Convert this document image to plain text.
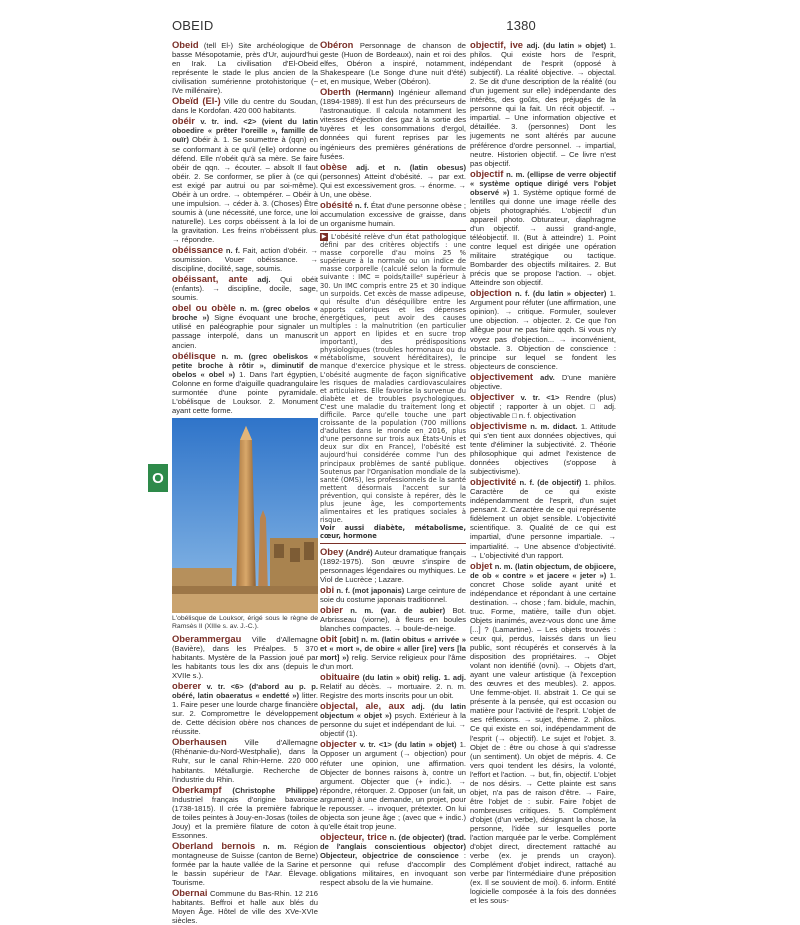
OBEID	1380
O
Obeid (tell El-) Site archéologique de basse Mésopotamie, près d'Ur, aujourd'hui en Irak. La civilisation d'El-Obeid représente le stade le plus ancien de la civilisation sumérienne protohistorique (~ IVe millénaire).
Obeïd (El-) Ville du centre du Soudan, dans le Kordofan. 420 000 habitants.
obéir v. tr. ind. <2> (vient du latin oboedire « prêter l'oreille », famille de ouïr) Obéir à. 1. Se soumettre à (qqn) en se conformant à ce qu'il (elle) ordonne ou défend. Elle n'obéit qu'à sa mère. Se faire obéir de qqn. → écouter. – absolt Il faut obéir. 2. Se conformer, se plier à (ce qui est exigé par autrui ou par soi-même). Obéir à un ordre. → obtempérer. – Obéir à une impulsion. → céder à. 3. (Choses) Être soumis à (une nécessité, une force, une loi naturelle). Les corps obéissent à la loi de la gravitation. Les freins n'obéissent plus. → répondre.
obéissance n. f. Fait, action d'obéir. → soumission. Vouer obéissance. → discipline, docilité, sage, soumis.
obéissant, ante adj. Qui obéit (enfants). → discipline, docile, sage, soumis.
obel ou obèle n. m. (grec obelos « broche ») Signe évoquant une broche, utilisé en paléographie pour signaler un passage interpolé, dans un manuscrit ancien.
obélisque n. m. (grec obeliskos « petite broche à rôtir », diminutif de obelos « obel ») 1. Dans l'art égyptien, Colonne en forme d'aiguille quadrangulaire surmontée d'une pointe pyramidale. L'obélisque de Louksor. 2. Monument ayant cette forme.
L'obélisque de Louksor, érigé sous le règne de Ramsès II (XIIIe s. av. J.-C.).
Oberammergau Ville d'Allemagne (Bavière), dans les Préalpes. 5 370 habitants. Mystère de la Passion joué par les habitants tous les dix ans (depuis le XVIIe s.).
oberer v. tr. <6> (d'abord au p. p. obéré, latin obaeratus « endetté ») litter. 1. Faire peser une lourde charge financière sur. 2. Compromettre le développement de. Cette décision obère nos chances de réussite.
Oberhausen Ville d'Allemagne (Rhénanie-du-Nord-Westphalie), dans la Ruhr, sur le canal Rhin-Herne. 220 000 habitants. Métallurgie. Recherche de l'industrie du Rhin.
Oberkampf (Christophe Philippe) Industriel français d'origine bavaroise (1738-1815). Il crée la première fabrique de toiles peintes à Jouy-en-Josas (toiles de Jouy) et la première filature de coton à Essonnes.
Oberland bernois n. m. Région montagneuse de Suisse (canton de Berne) formée par la haute vallée de la Sarine et le bassin supérieur de l'Aar. Élevage. Tourisme.
Obernai Commune du Bas-Rhin. 12 216 habitants. Beffroi et halle aux blés du Moyen Âge. Hôtel de ville des XVe-XVIe siècles.
Obéron Personnage de chanson de geste (Huon de Bordeaux), nain et roi des elfes, Obéron a inspiré, notamment, Shakespeare (Le Songe d'une nuit d'été) et, en musique, Weber (Obéron).
Oberth (Hermann) Ingénieur allemand (1894-1989). Il est l'un des précurseurs de l'astronautique. Il calcula notamment les vitesses d'éjection des gaz à la sortie des tuyères et les consommations d'ergol, données qui furent reprises par les ingénieurs des premières générations de fusées.
obèse adj. et n. (latin obesus) (personnes) Atteint d'obésité. → par ext. Qui est excessivement gros. → énorme. → Un, une obèse.
obésité n. f. État d'une personne obèse ; accumulation excessive de graisse, dans un organisme humain.
▶ L'obésité relève d'un état pathologique défini par des critères objectifs : une masse corporelle d'au moins 25 % supérieure à la normale ou un indice de masse corporelle (calculé selon la formule suivante : IMC = poids/taille² supérieur à 30. Un IMC compris entre 25 et 30 indique un surpoids. Cet excès de masse adipeuse, qui résulte d'un déséquilibre entre les apports caloriques et les dépenses énergétiques, peut avoir des causes multiples : la malnutrition (en particulier un apport en lipides et en sucre trop important), des prédispositions physiologiques (troubles hormonaux ou du métabolisme, souvent héréditaires), le manque d'exercice physique et le stress. L'obésité augmente de façon significative les risques de maladies cardiovasculaires et articulaires. Elle favorise la survenue du diabète et de troubles psychologiques. C'est une maladie du traitement long et difficile. Parce qu'elle touche une part croissante de la population (700 millions d'adultes dans le monde en 2016, plus d'une personne sur trois aux États-Unis et deux sur dix en France), l'obésité est aujourd'hui considérée comme l'un des principaux problèmes de santé publique. Soutenus par l'Organisation mondiale de la santé (OMS), les professionnels de la santé mettent désormais l'accent sur la prévention, qui consiste à repérer, dès le plus jeune âge, les comportements alimentaires et les pratiques sociales à risque.
Voir aussi diabète, métabolisme, cœur, hormone
Obey (André) Auteur dramatique français (1892-1975). Son œuvre s'inspire de personnages légendaires ou mythiques. Le Viol de Lucrèce ; Lazare.
obi n. f. (mot japonais) Large ceinture de soie du costume japonais traditionnel.
obier n. m. (var. de aubier) Bot. Arbrisseau (viorne), à fleurs en boules blanches compactes. → boule-de-neige.
obit [obit] n. m. (latin obitus « arrivée » et « mort », de obire « aller [ire] vers [la mort] ») relig. Service religieux pour l'âme d'un mort.
obituaire (du latin » obit) relig. 1. adj. Relatif au décès. → mortuaire. 2. n. m. Registre des morts inscrits pour un obit.
objectal, ale, aux adj. (du latin objectum « objet ») psych. Extérieur à la personne du sujet et indépendant de lui. → objectif (1).
objecter v. tr. <1> (du latin » objet) 1. Opposer un argument (→ objection) pour réfuter une opinion, une affirmation. Objecter de bonnes raisons à, contre un argument. Objecter que (+ indic.). → répondre, rétorquer. 2. Opposer (un fait, un argument) à une demande, un projet, pour le repousser. → invoquer, prétexter. On lui objecta son jeune âge ; (avec que + indic.) qu'elle était trop jeune.
objecteur, trice n. (de objecter) (trad. de l'anglais conscientious objector) Objecteur, objectrice de conscience : personne qui refuse d'accomplir des obligations militaires, en invoquant son respect absolu de la vie humaine.
objectif, ive adj. (du latin » objet) 1. philos. Qui existe hors de l'esprit, indépendant de l'esprit (opposé à subjectif). La réalité objective. → objectal. 2. Se dit d'une description de la réalité (ou d'un jugement sur elle) indépendante des intérêts, des goûts, des préjugés de la personne qui la fait. Un récit objectif. → impartial. – Une information objective et détaillée. 3. (personnes) Dont les jugements ne sont altérés par aucune préférence d'ordre personnel. → impartial, neutre. Historien objectif. – Ce livre n'est pas objectif.
objectif n. m. (ellipse de verre objectif « système optique dirigé vers l'objet observé ») 1. Système optique formé de lentilles qui donne une image réelle des objets photographiés. L'objectif d'un appareil photo. Obturateur, diaphragme d'un objectif. → aussi grand-angle, téléobjectif. II. (But à atteindre) 1. Point contre lequel est dirigée une opération militaire stratégique ou tactique. Bombarder des objectifs militaires. 2. But précis que se propose l'action. → objet. Atteindre son objectif.
objection n. f. (du latin » objecter) 1. Argument pour réfuter (une affirmation, une opinion). → critique. Formuler, soulever une objection. → objecter. 2. Ce que l'on allègue pour ne pas faire qqch. Si vous n'y voyez pas d'objection... → inconvénient, obstacle. 3. Objection de conscience : principe sur lequel se fondent les objecteurs de conscience.
objectivement adv. D'une manière objective.
objectiver v. tr. <1> Rendre (plus) objectif ; rapporter à un objet. □ adj. objectivable □ n. f. objectivation
objectivisme n. m. didact. 1. Attitude qui s'en tient aux données objectives, qui tente d'éliminer la subjectivité. 2. Théorie philosophique qui admet l'existence de données objectives (s'oppose à subjectivisme).
objectivité n. f. (de objectif) 1. philos. Caractère de ce qui existe indépendamment de l'esprit, d'un sujet pensant. 2. Caractère de ce qui représente fidèlement un objet sensible. L'objectivité scientifique. 3. Qualité de ce qui est impartial, d'une personne impartiale. → impartialité. → Une absence d'objectivité. → L'objectivité d'un rapport.
objet n. m. (latin objectum, de objicere, de ob « contre » et jacere « jeter ») 1. concret Chose solide ayant unité et indépendance et répondant à une certaine destination. → chose ; fam. bidule, machin, truc. Forme, matière, taille d'un objet. Objets inanimés, avez-vous donc une âme [...] ? (Lamartine). – Les objets trouvés : ceux qui, perdus, laissés dans un lieu public, sont récupérés et conservés à la disposition des propriétaires. → Objet volant non identifié (ovni). → Objets d'art, ayant une valeur artistique (à l'exception des œuvres et des meubles). 2. appos. Une femme-objet. II. abstrait 1. Ce qui se présente à la pensée, qui est occasion ou matière pour l'activité de l'esprit. L'objet de ses réflexions. → sujet, thème. 2. philos. Ce qui existe en soi, indépendamment de l'esprit (→ objectif). Le sujet et l'objet. 3. Objet de : être ou chose à qui s'adresse (un sentiment). Un objet de mépris. 4. Ce vers quoi tendent les désirs, la volonté, l'effort et l'action. → but, fin, objectif. L'objet de nos désirs. → Cette plainte est sans objet, n'a pas de raison d'être. → Faire, être l'objet de : subir. Faire l'objet de nombreuses critiques. 5. Complément d'objet (d'un verbe), désignant la chose, la personne, l'idée sur lesquelles porte l'action marquée par le verbe. Complément d'objet direct, directement rattaché au verbe (ex. je prends un crayon). Complément d'objet indirect, rattaché au verbe par l'intermédiaire d'une préposition (ex. Il se souvient de moi). 6. inform. Entité logicielle composée à la fois des données et les sous-
